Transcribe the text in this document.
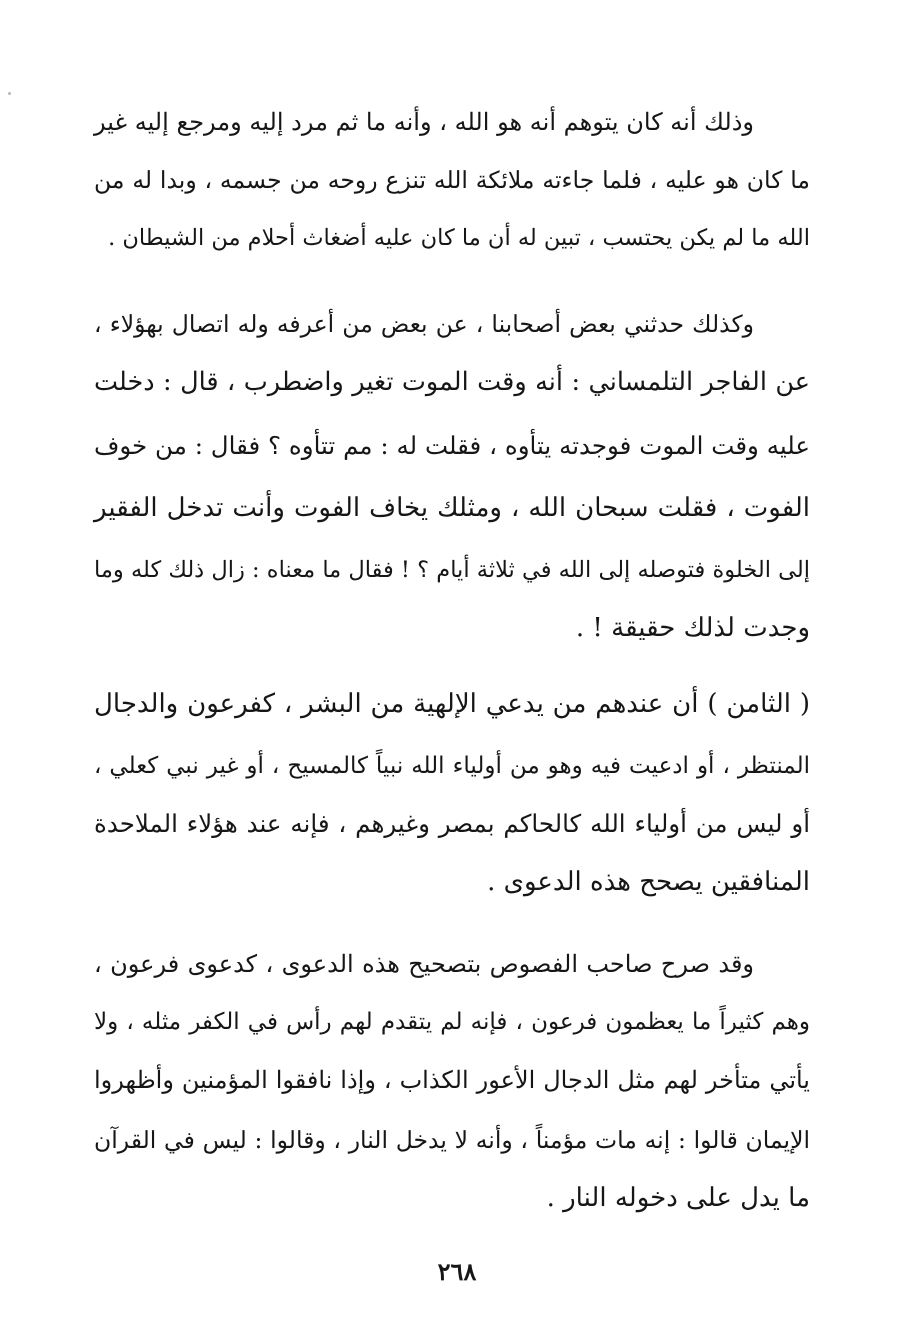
وذلك أنه كان يتوهم أنه هو الله ، وأنه ما ثم مرد إليه ومرجع إليه غير
ما كان هو عليه ، فلما جاءته ملائكة الله تنزع روحه من جسمه ، وبدا له من
الله ما لم يكن يحتسب ، تبين له أن ما كان عليه أضغاث أحلام من الشيطان .
وكذلك حدثني بعض أصحابنا ، عن بعض من أعرفه وله اتصال بهؤلاء ،
عن الفاجر التلمساني : أنه وقت الموت تغير واضطرب ، قال : دخلت
عليه وقت الموت فوجدته يتأوه ، فقلت له : مم تتأوه ؟ فقال : من خوف
الفوت ، فقلت سبحان الله ، ومثلك يخاف الفوت وأنت تدخل الفقير
إلى الخلوة فتوصله إلى الله في ثلاثة أيام ؟ ! فقال ما معناه : زال ذلك كله وما
وجدت لذلك حقيقة ! .
( الثامن ) أن عندهم من يدعي الإلهية من البشر ، كفرعون والدجال
المنتظر ، أو ادعيت فيه وهو من أولياء الله نبياً كالمسيح ، أو غير نبي كعلي ،
أو ليس من أولياء الله كالحاكم بمصر وغيرهم ، فإنه عند هؤلاء الملاحدة
المنافقين يصحح هذه الدعوى .
وقد صرح صاحب الفصوص بتصحيح هذه الدعوى ، كدعوى فرعون ،
وهم كثيراً ما يعظمون فرعون ، فإنه لم يتقدم لهم رأس في الكفر مثله ، ولا
يأتي متأخر لهم مثل الدجال الأعور الكذاب ، وإذا نافقوا المؤمنين وأظهروا
الإيمان قالوا : إنه مات مؤمناً ، وأنه لا يدخل النار ، وقالوا : ليس في القرآن
ما يدل على دخوله النار .
٢٦٨
